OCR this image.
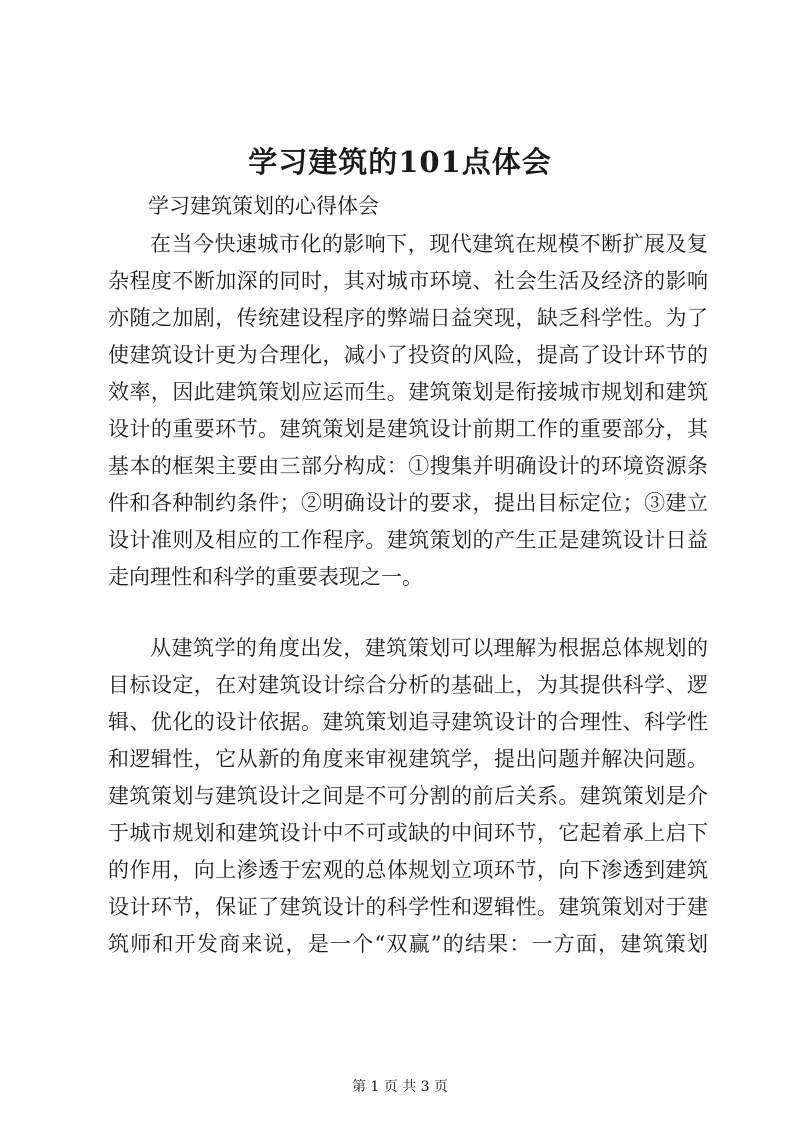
学习建筑的101点体会
学习建筑策划的心得体会
在当今快速城市化的影响下，现代建筑在规模不断扩展及复
杂程度不断加深的同时，其对城市环境、社会生活及经济的影响
亦随之加剧，传统建设程序的弊端日益突现，缺乏科学性。为了
使建筑设计更为合理化，减小了投资的风险，提高了设计环节的
效率，因此建筑策划应运而生。建筑策划是衔接城市规划和建筑
设计的重要环节。建筑策划是建筑设计前期工作的重要部分，其
基本的框架主要由三部分构成：①搜集并明确设计的环境资源条
件和各种制约条件；②明确设计的要求，提出目标定位；③建立
设计准则及相应的工作程序。建筑策划的产生正是建筑设计日益
走向理性和科学的重要表现之一。
从建筑学的角度出发，建筑策划可以理解为根据总体规划的
目标设定，在对建筑设计综合分析的基础上，为其提供科学、逻
辑、优化的设计依据。建筑策划追寻建筑设计的合理性、科学性
和逻辑性，它从新的角度来审视建筑学，提出问题并解决问题。
建筑策划与建筑设计之间是不可分割的前后关系。建筑策划是介
于城市规划和建筑设计中不可或缺的中间环节，它起着承上启下
的作用，向上渗透于宏观的总体规划立项环节，向下渗透到建筑
设计环节，保证了建筑设计的科学性和逻辑性。建筑策划对于建
筑师和开发商来说，是一个“双赢”的结果：一方面，建筑策划
第 1 页 共 3 页
